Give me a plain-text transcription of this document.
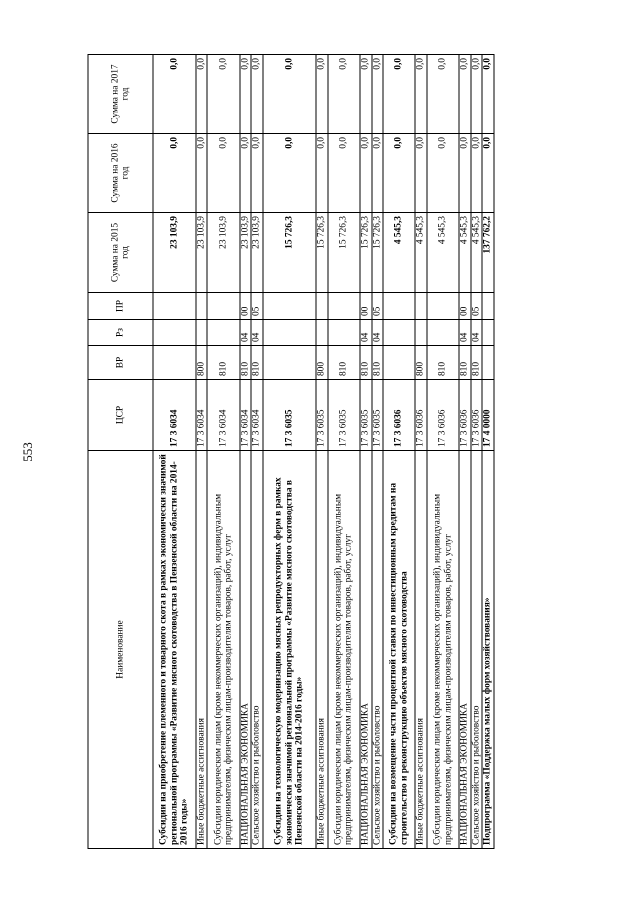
553
Наименование	ЦСР	ВР	Рз	ПР	Сумма на 2015 год	Сумма на 2016 год	Сумма на 2017 год
Субсидии на приобретение племенного и товарного скота в рамках экономически значимой региональной программы «Развитие мясного скотоводства в Пензенской области на 2014-2016 годы»	17 3 6034				23 103,9	0,0	0,0
Иные бюджетные ассигнования	17 3 6034	800			23 103,9	0,0	0,0
Субсидии юридическим лицам (кроме некоммерческих организаций), индивидуальным предпринимателям, физическим лицам-производителям товаров, работ, услуг	17 3 6034	810			23 103,9	0,0	0,0
НАЦИОНАЛЬНАЯ ЭКОНОМИКА	17 3 6034	810	04	00	23 103,9	0,0	0,0
Сельское хозяйство и рыболовство	17 3 6034	810	04	05	23 103,9	0,0	0,0
Субсидии на технологическую модернизацию мясных репродукторных ферм в рамках экономически значимой региональной программы «Развитие мясного скотоводства в Пензенской области на 2014-2016 годы»	17 3 6035				15 726,3	0,0	0,0
Иные бюджетные ассигнования	17 3 6035	800			15 726,3	0,0	0,0
Субсидии юридическим лицам (кроме некоммерческих организаций), индивидуальным предпринимателям, физическим лицам-производителям товаров, работ, услуг	17 3 6035	810			15 726,3	0,0	0,0
НАЦИОНАЛЬНАЯ ЭКОНОМИКА	17 3 6035	810	04	00	15 726,3	0,0	0,0
Сельское хозяйство и рыболовство	17 3 6035	810	04	05	15 726,3	0,0	0,0
Субсидии на возмещение части процентной ставки по инвестиционным кредитам на строительство и реконструкцию объектов мясного скотоводства	17 3 6036				4 545,3	0,0	0,0
Иные бюджетные ассигнования	17 3 6036	800			4 545,3	0,0	0,0
Субсидии юридическим лицам (кроме некоммерческих организаций), индивидуальным предпринимателям, физическим лицам-производителям товаров, работ, услуг	17 3 6036	810			4 545,3	0,0	0,0
НАЦИОНАЛЬНАЯ ЭКОНОМИКА	17 3 6036	810	04	00	4 545,3	0,0	0,0
Сельское хозяйство и рыболовство	17 3 6036	810	04	05	4 545,3	0,0	0,0
Подпрограмма «Поддержка малых форм хозяйствования»	17 4 0000				137 762,2	0,0	0,0
